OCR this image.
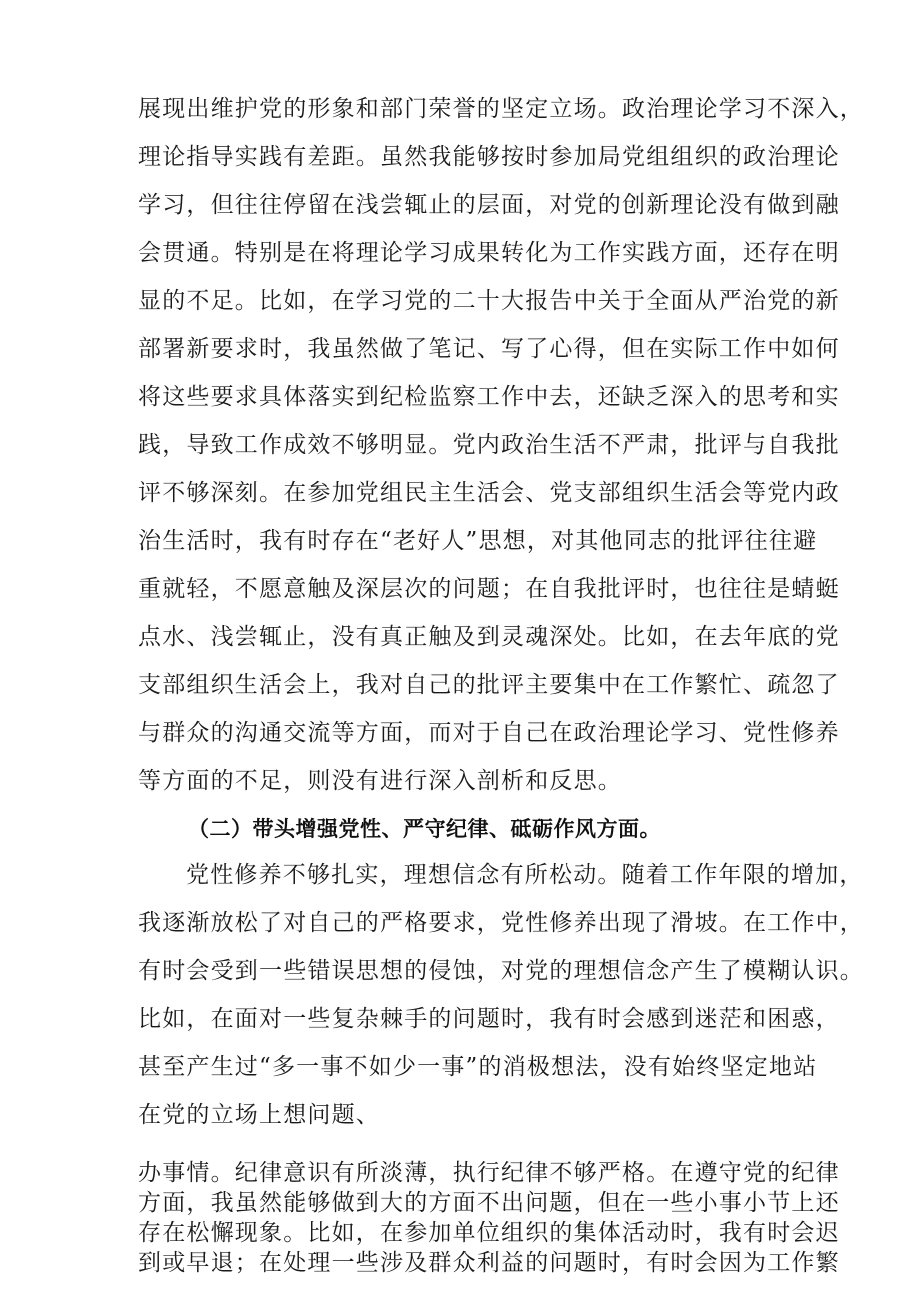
展现出维护党的形象和部门荣誉的坚定立场。政治理论学习不深入，
理论指导实践有差距。虽然我能够按时参加局党组组织的政治理论
学习，但往往停留在浅尝辄止的层面，对党的创新理论没有做到融
会贯通。特别是在将理论学习成果转化为工作实践方面，还存在明
显的不足。比如，在学习党的二十大报告中关于全面从严治党的新
部署新要求时，我虽然做了笔记、写了心得，但在实际工作中如何
将这些要求具体落实到纪检监察工作中去，还缺乏深入的思考和实
践，导致工作成效不够明显。党内政治生活不严肃，批评与自我批
评不够深刻。在参加党组民主生活会、党支部组织生活会等党内政
治生活时，我有时存在“老好人”思想，对其他同志的批评往往避
重就轻，不愿意触及深层次的问题；在自我批评时，也往往是蜻蜓
点水、浅尝辄止，没有真正触及到灵魂深处。比如，在去年底的党
支部组织生活会上，我对自己的批评主要集中在工作繁忙、疏忽了
与群众的沟通交流等方面，而对于自己在政治理论学习、党性修养
等方面的不足，则没有进行深入剖析和反思。
（二）带头增强党性、严守纪律、砥砺作风方面。
党性修养不够扎实，理想信念有所松动。随着工作年限的增加，
我逐渐放松了对自己的严格要求，党性修养出现了滑坡。在工作中，
有时会受到一些错误思想的侵蚀，对党的理想信念产生了模糊认识。
比如，在面对一些复杂棘手的问题时，我有时会感到迷茫和困惑，
甚至产生过“多一事不如少一事”的消极想法，没有始终坚定地站
在党的立场上想问题、
办事情。纪律意识有所淡薄，执行纪律不够严格。在遵守党的纪律
方面，我虽然能够做到大的方面不出问题，但在一些小事小节上还
存在松懈现象。比如，在参加单位组织的集体活动时，我有时会迟
到或早退；在处理一些涉及群众利益的问题时，有时会因为工作繁
